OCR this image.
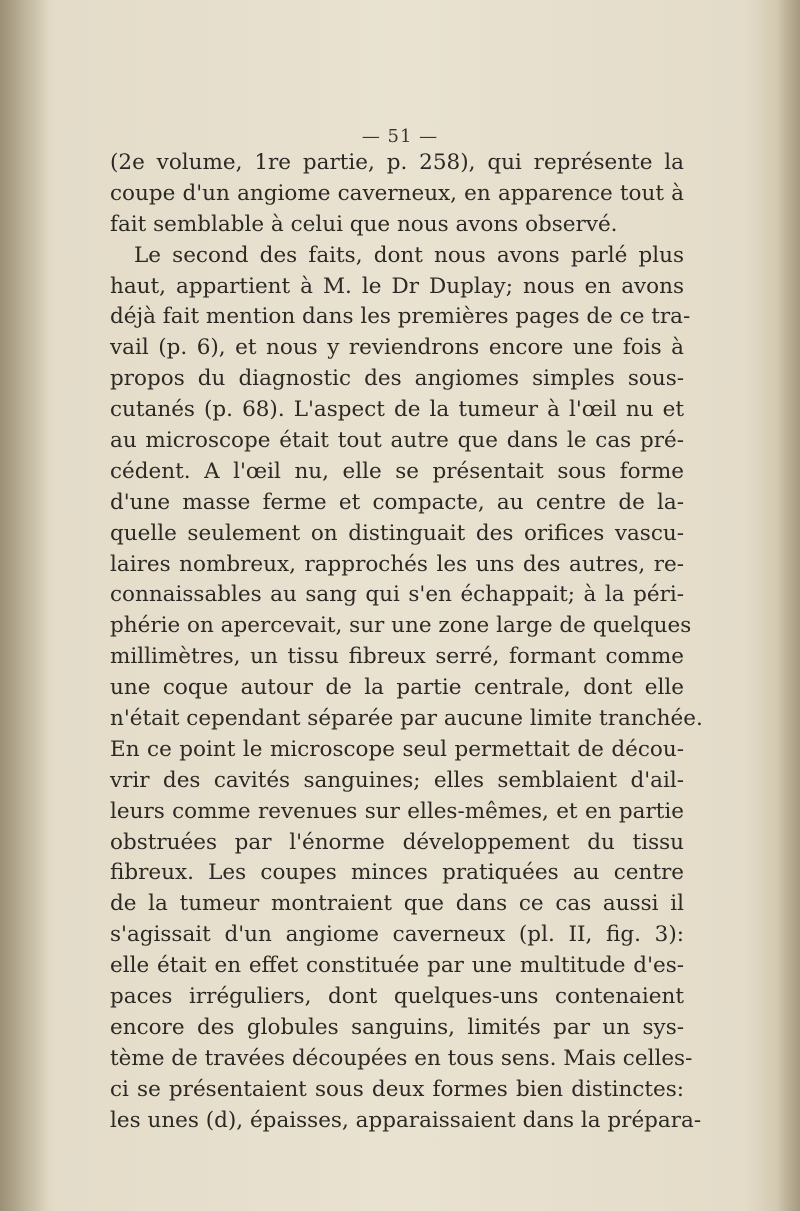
— 51 —
(2e volume, 1re partie, p. 258), qui représente la
coupe d'un angiome caverneux, en apparence tout à
fait semblable à celui que nous avons observé.
Le second des faits, dont nous avons parlé plus
haut, appartient à M. le Dr Duplay; nous en avons
déjà fait mention dans les premières pages de ce tra-
vail (p. 6), et nous y reviendrons encore une fois à
propos du diagnostic des angiomes simples sous-
cutanés (p. 68). L'aspect de la tumeur à l'œil nu et
au microscope était tout autre que dans le cas pré-
cédent. A l'œil nu, elle se présentait sous forme
d'une masse ferme et compacte, au centre de la-
quelle seulement on distinguait des orifices vascu-
laires nombreux, rapprochés les uns des autres, re-
connaissables au sang qui s'en échappait; à la péri-
phérie on apercevait, sur une zone large de quelques
millimètres, un tissu fibreux serré, formant comme
une coque autour de la partie centrale, dont elle
n'était cependant séparée par aucune limite tranchée.
En ce point le microscope seul permettait de décou-
vrir des cavités sanguines; elles semblaient d'ail-
leurs comme revenues sur elles-mêmes, et en partie
obstruées par l'énorme développement du tissu
fibreux. Les coupes minces pratiquées au centre
de la tumeur montraient que dans ce cas aussi il
s'agissait d'un angiome caverneux (pl. II, fig. 3):
elle était en effet constituée par une multitude d'es-
paces irréguliers, dont quelques-uns contenaient
encore des globules sanguins, limités par un sys-
tème de travées découpées en tous sens. Mais celles-
ci se présentaient sous deux formes bien distinctes:
les unes (d), épaisses, apparaissaient dans la prépara-
